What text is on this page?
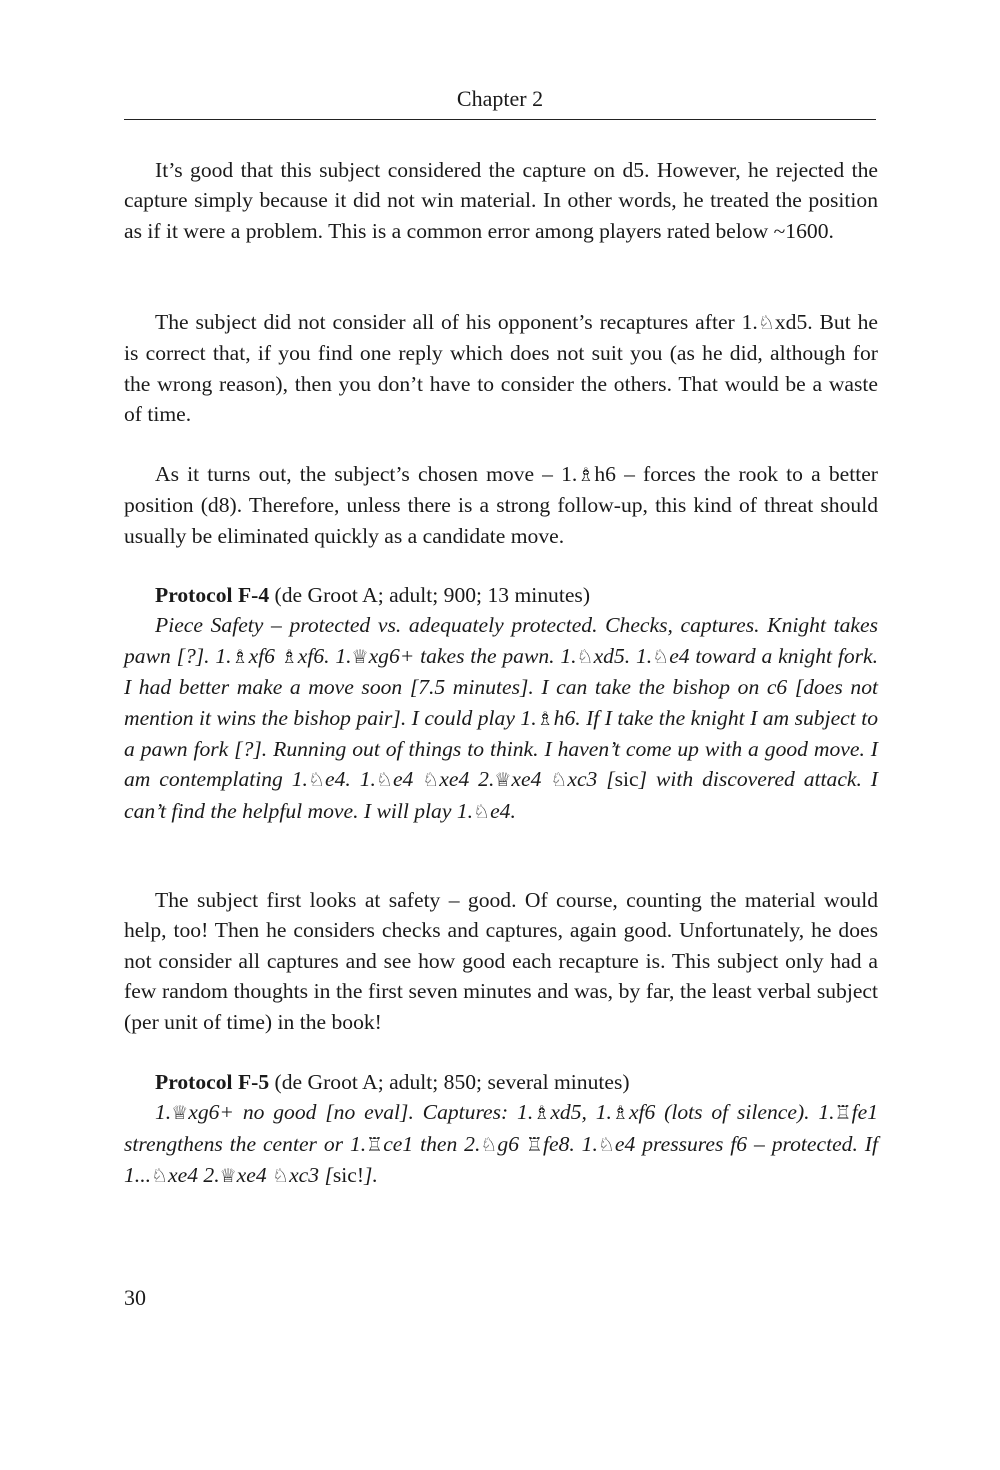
Chapter 2

It’s good that this subject considered the capture on d5. However, he rejected the capture simply because it did not win material. In other words, he treated the position as if it were a problem. This is a common error among players rated below ~1600.

The subject did not consider all of his opponent’s recaptures after 1.♘xd5. But he is correct that, if you find one reply which does not suit you (as he did, although for the wrong reason), then you don’t have to consider the others. That would be a waste of time.

As it turns out, the subject’s chosen move – 1.♗h6 – forces the rook to a better position (d8). Therefore, unless there is a strong follow-up, this kind of threat should usually be eliminated quickly as a candidate move.

Protocol F-4 (de Groot A; adult; 900; 13 minutes)

Piece Safety – protected vs. adequately protected. Checks, captures. Knight takes pawn [?]. 1.♗xf6 ♗xf6. 1.♕xg6+ takes the pawn. 1.♘xd5. 1.♘e4 toward a knight fork. I had better make a move soon [7.5 minutes]. I can take the bishop on c6 [does not mention it wins the bishop pair]. I could play 1.♗h6. If I take the knight I am subject to a pawn fork [?]. Running out of things to think. I haven’t come up with a good move. I am contemplating 1.♘e4. 1.♘e4 ♘xe4 2.♕xe4 ♘xc3 [sic] with discovered attack. I can’t find the helpful move. I will play 1.♘e4.

The subject first looks at safety – good. Of course, counting the material would help, too! Then he considers checks and captures, again good. Unfortunately, he does not consider all captures and see how good each recapture is. This subject only had a few random thoughts in the first seven minutes and was, by far, the least verbal subject (per unit of time) in the book!

Protocol F-5 (de Groot A; adult; 850; several minutes)

1.♕xg6+ no good [no eval]. Captures: 1.♗xd5, 1.♗xf6 (lots of silence). 1.♖fe1 strengthens the center or 1.♖ce1 then 2.♘g6 ♖fe8. 1.♘e4 pressures f6 – protected. If 1...♘xe4 2.♕xe4 ♘xc3 [sic!].

30
